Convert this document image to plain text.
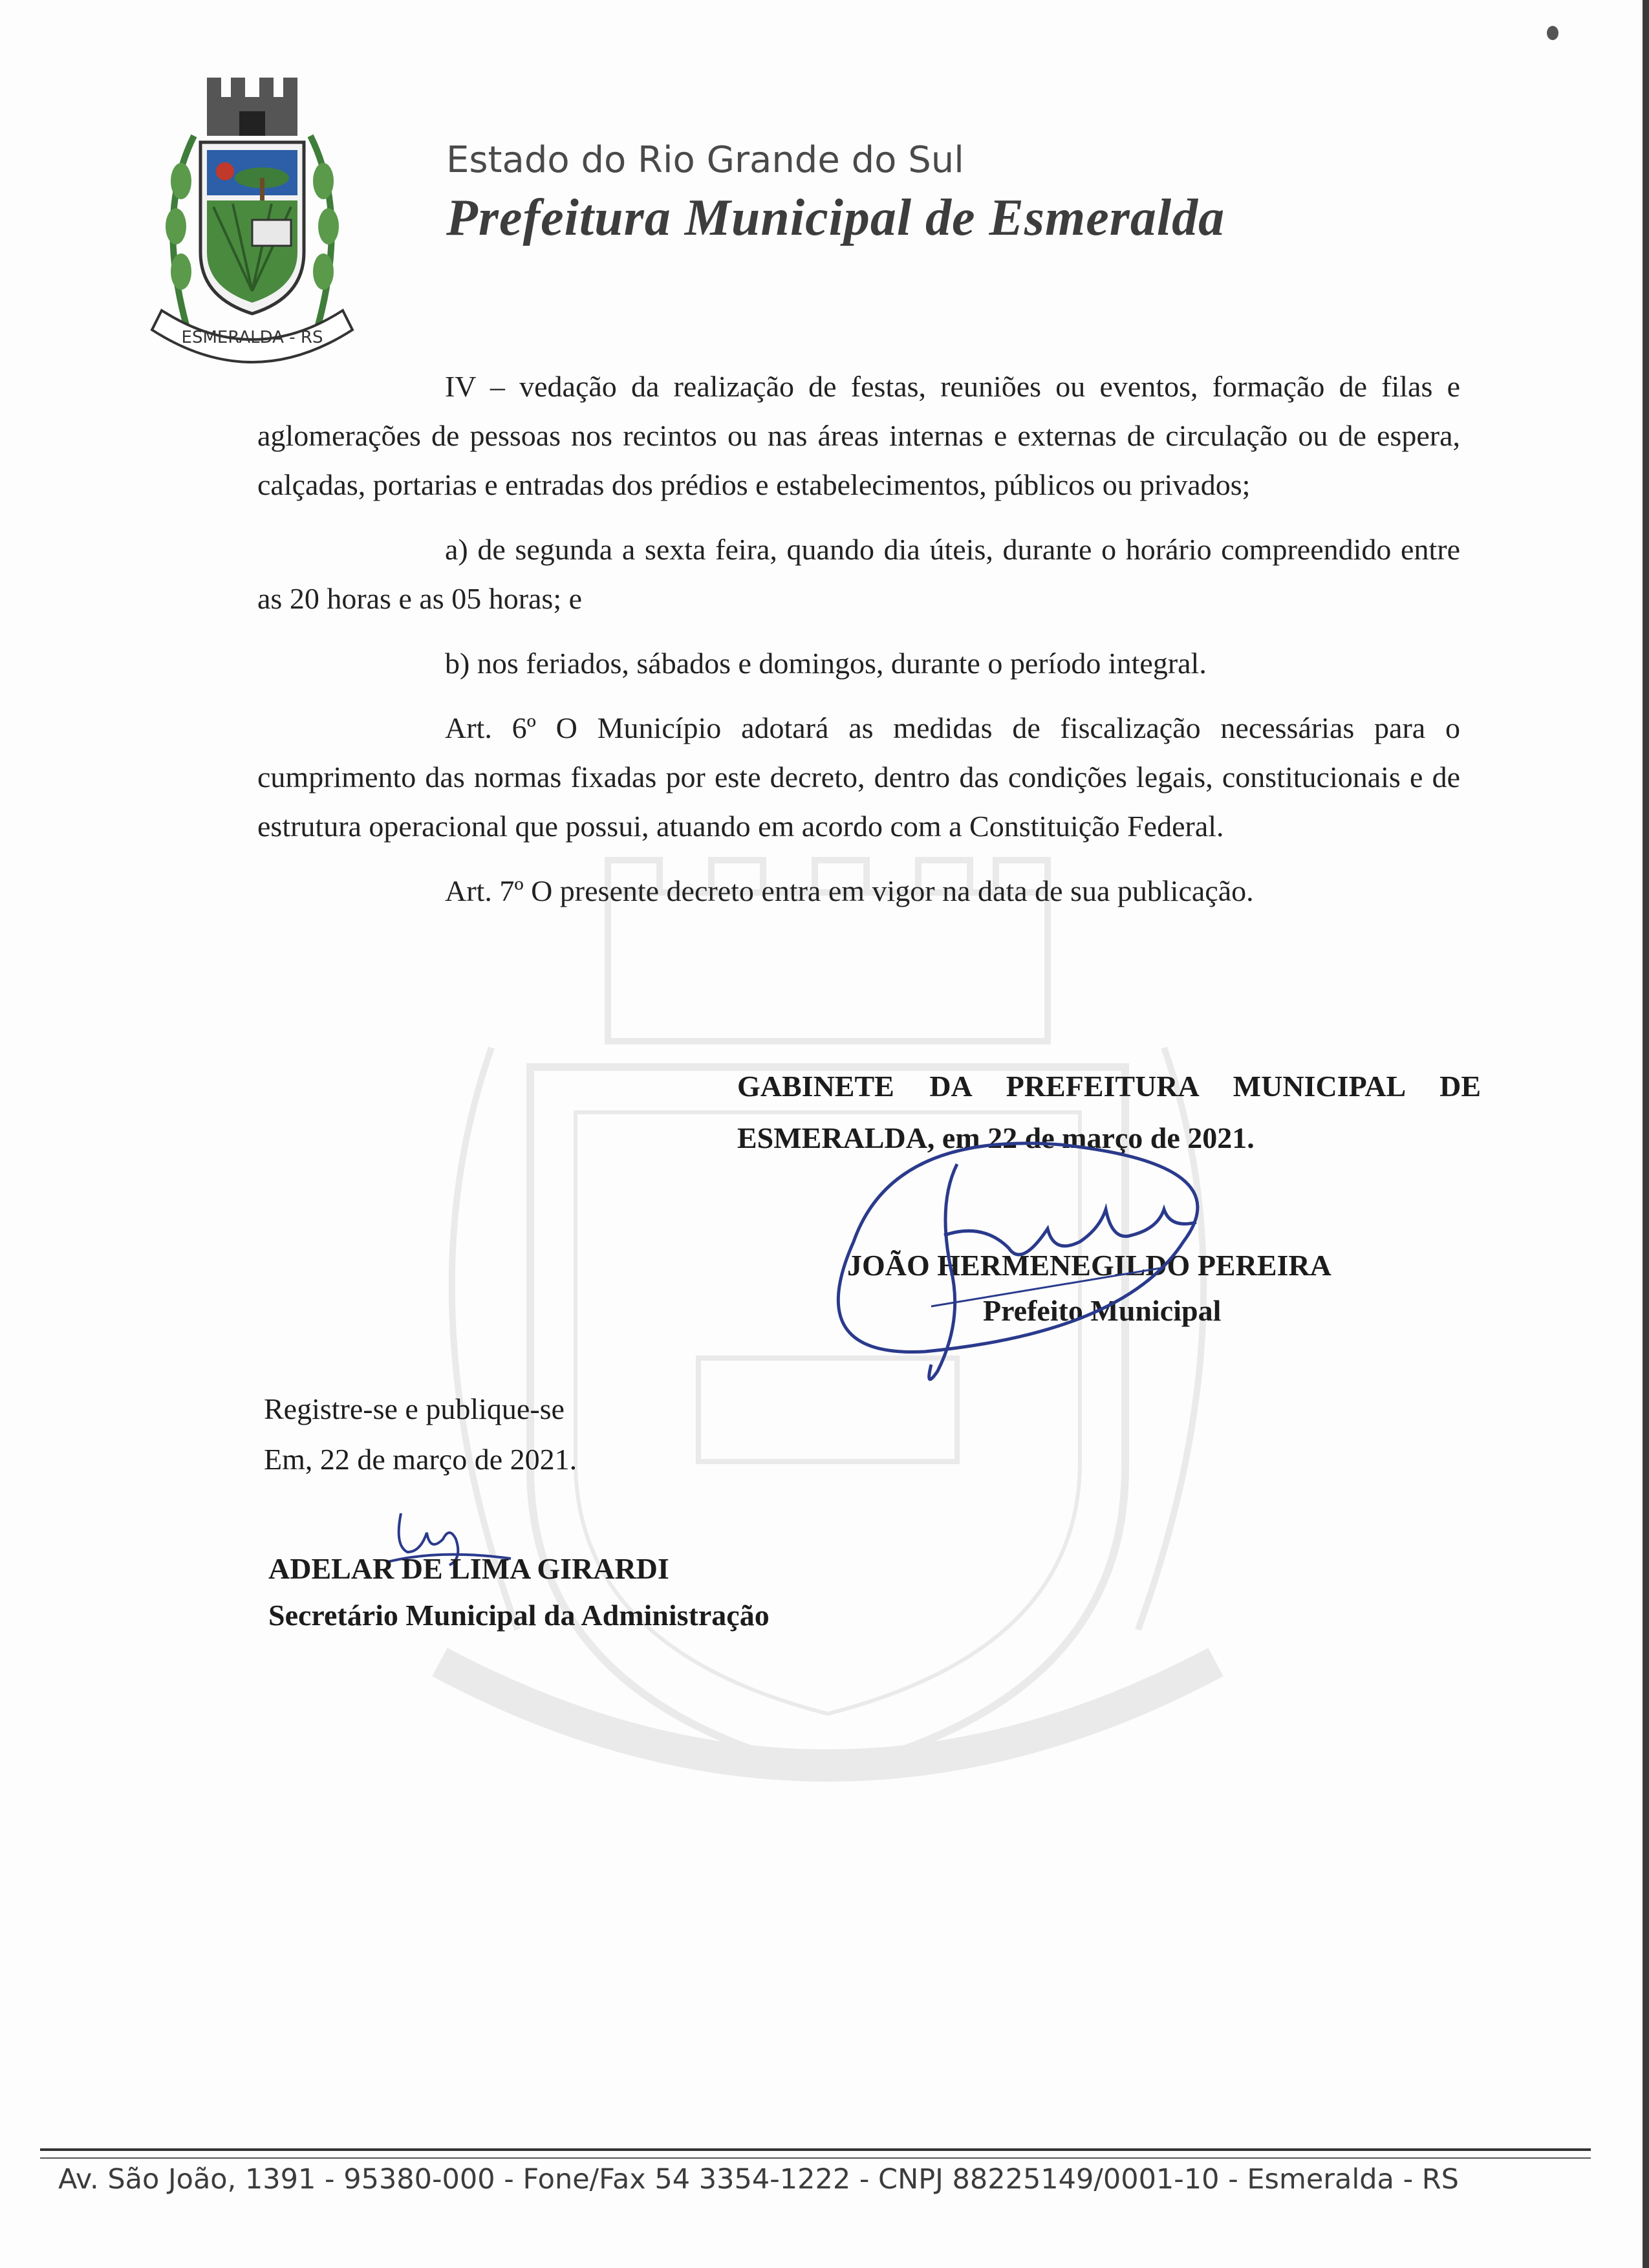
ESMERALDA - RS
Estado do Rio Grande do Sul
Prefeitura Municipal de Esmeralda

IV – vedação da realização de festas, reuniões ou eventos, formação de filas e aglomerações de pessoas nos recintos ou nas áreas internas e externas de circulação ou de espera, calçadas, portarias e entradas dos prédios e estabelecimentos, públicos ou privados;

a) de segunda a sexta feira, quando dia úteis, durante o horário compreendido entre as 20 horas e as 05 horas; e

b) nos feriados, sábados e domingos, durante o período integral.

Art. 6º O Município adotará as medidas de fiscalização necessárias para o cumprimento das normas fixadas por este decreto, dentro das condições legais, constitucionais e de estrutura operacional que possui, atuando em acordo com a Constituição Federal.

Art. 7º O presente decreto entra em vigor na data de sua publicação.

GABINETE DA PREFEITURA MUNICIPAL DE ESMERALDA, em 22 de março de 2021.

JOÃO HERMENEGILDO PEREIRA

Prefeito Municipal

Registre-se e publique-se

Em, 22 de março de 2021.

ADELAR DE LIMA GIRARDI

Secretário Municipal da Administração

Av. São João, 1391 - 95380-000 - Fone/Fax 54 3354-1222 - CNPJ 88225149/0001-10 - Esmeralda - RS
